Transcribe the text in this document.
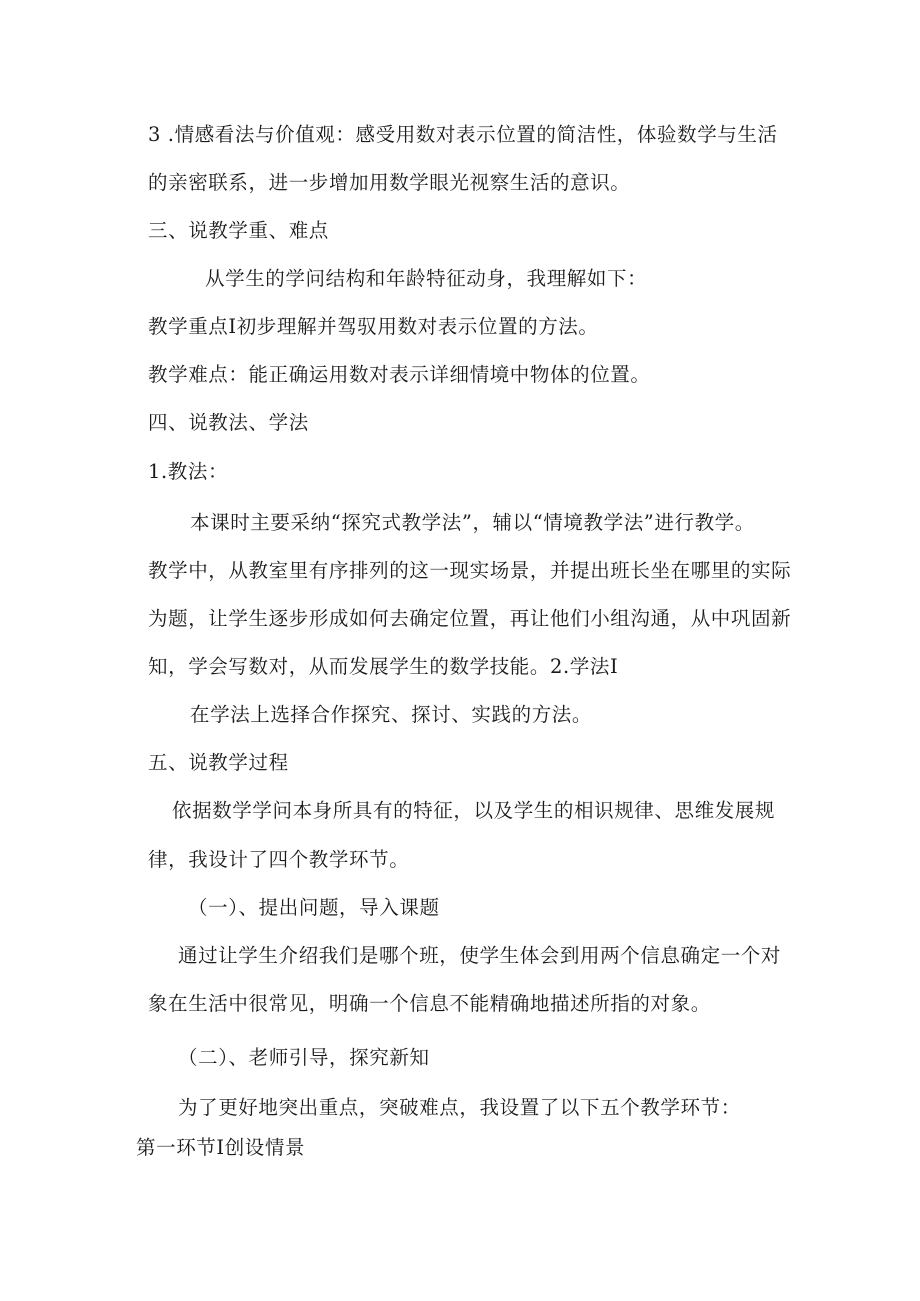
3 .情感看法与价值观：感受用数对表示位置的简洁性，体验数学与生活
的亲密联系，进一步增加用数学眼光视察生活的意识。
三、说教学重、难点
从学生的学问结构和年龄特征动身，我理解如下：
教学重点I初步理解并驾驭用数对表示位置的方法。
教学难点：能正确运用数对表示详细情境中物体的位置。
四、说教法、学法
1.教法：
本课时主要采纳“探究式教学法”，辅以“情境教学法”进行教学。
教学中，从教室里有序排列的这一现实场景，并提出班长坐在哪里的实际
为题，让学生逐步形成如何去确定位置，再让他们小组沟通，从中巩固新
知，学会写数对，从而发展学生的数学技能。2.学法I
在学法上选择合作探究、探讨、实践的方法。
五、说教学过程
依据数学学问本身所具有的特征，以及学生的相识规律、思维发展规
律，我设计了四个教学环节。
（一）、提出问题，导入课题
通过让学生介绍我们是哪个班，使学生体会到用两个信息确定一个对
象在生活中很常见，明确一个信息不能精确地描述所指的对象。
（二）、老师引导，探究新知
为了更好地突出重点，突破难点，我设置了以下五个教学环节：
第一环节I创设情景
